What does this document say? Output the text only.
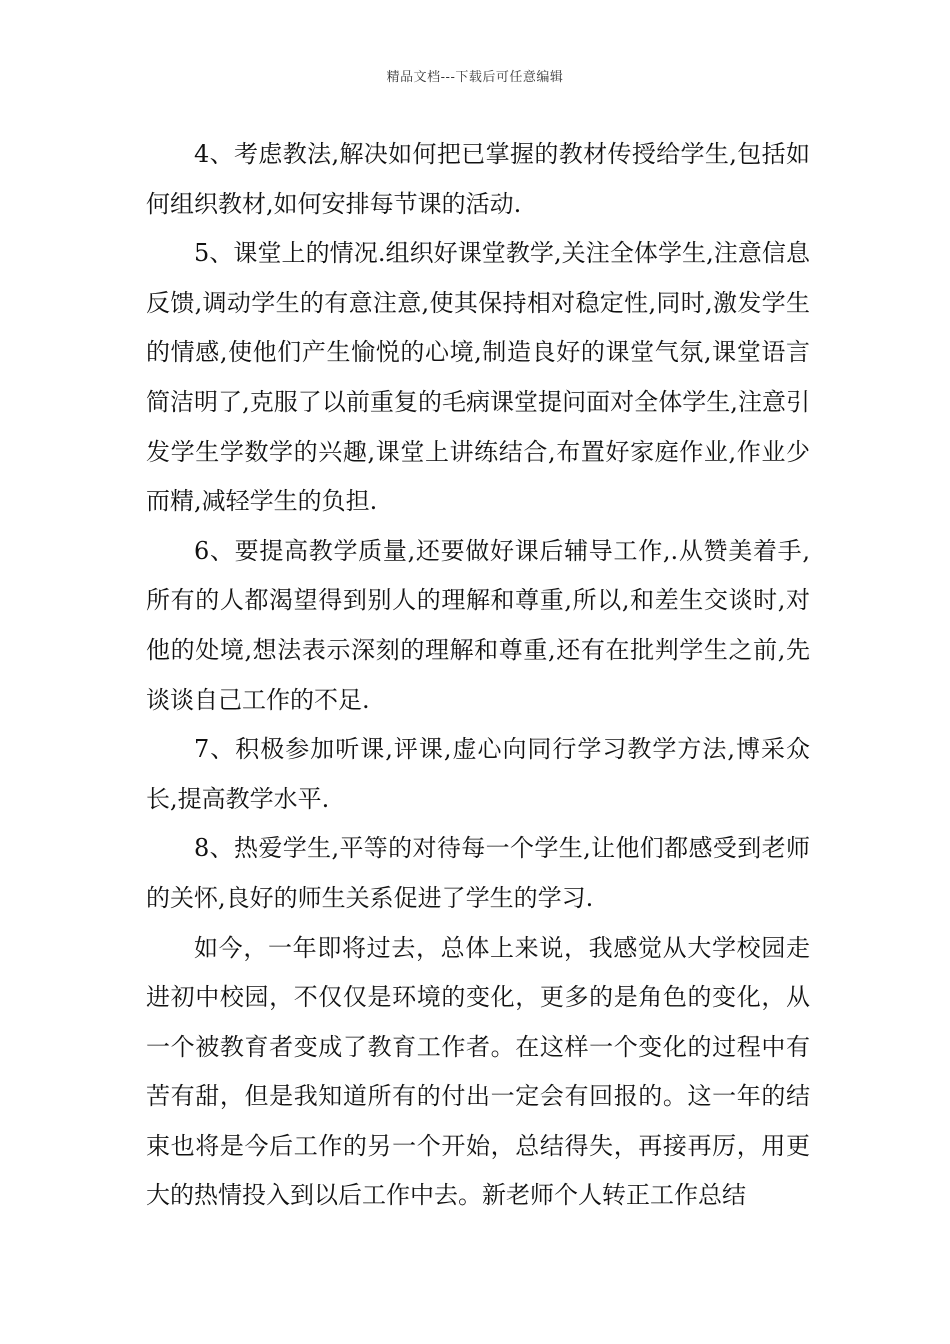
精品文档---下载后可任意编辑

4、考虑教法,解决如何把已掌握的教材传授给学生,包括如何组织教材,如何安排每节课的活动.

5、课堂上的情况.组织好课堂教学,关注全体学生,注意信息反馈,调动学生的有意注意,使其保持相对稳定性,同时,激发学生的情感,使他们产生愉悦的心境,制造良好的课堂气氛,课堂语言简洁明了,克服了以前重复的毛病课堂提问面对全体学生,注意引发学生学数学的兴趣,课堂上讲练结合,布置好家庭作业,作业少而精,减轻学生的负担.

6、要提高教学质量,还要做好课后辅导工作,.从赞美着手,所有的人都渴望得到别人的理解和尊重,所以,和差生交谈时,对他的处境,想法表示深刻的理解和尊重,还有在批判学生之前,先谈谈自己工作的不足.

7、积极参加听课,评课,虚心向同行学习教学方法,博采众长,提高教学水平.

8、热爱学生,平等的对待每一个学生,让他们都感受到老师的关怀,良好的师生关系促进了学生的学习.

如今，一年即将过去，总体上来说，我感觉从大学校园走进初中校园，不仅仅是环境的变化，更多的是角色的变化，从一个被教育者变成了教育工作者。在这样一个变化的过程中有苦有甜，但是我知道所有的付出一定会有回报的。这一年的结束也将是今后工作的另一个开始，总结得失，再接再厉，用更大的热情投入到以后工作中去。新老师个人转正工作总结
